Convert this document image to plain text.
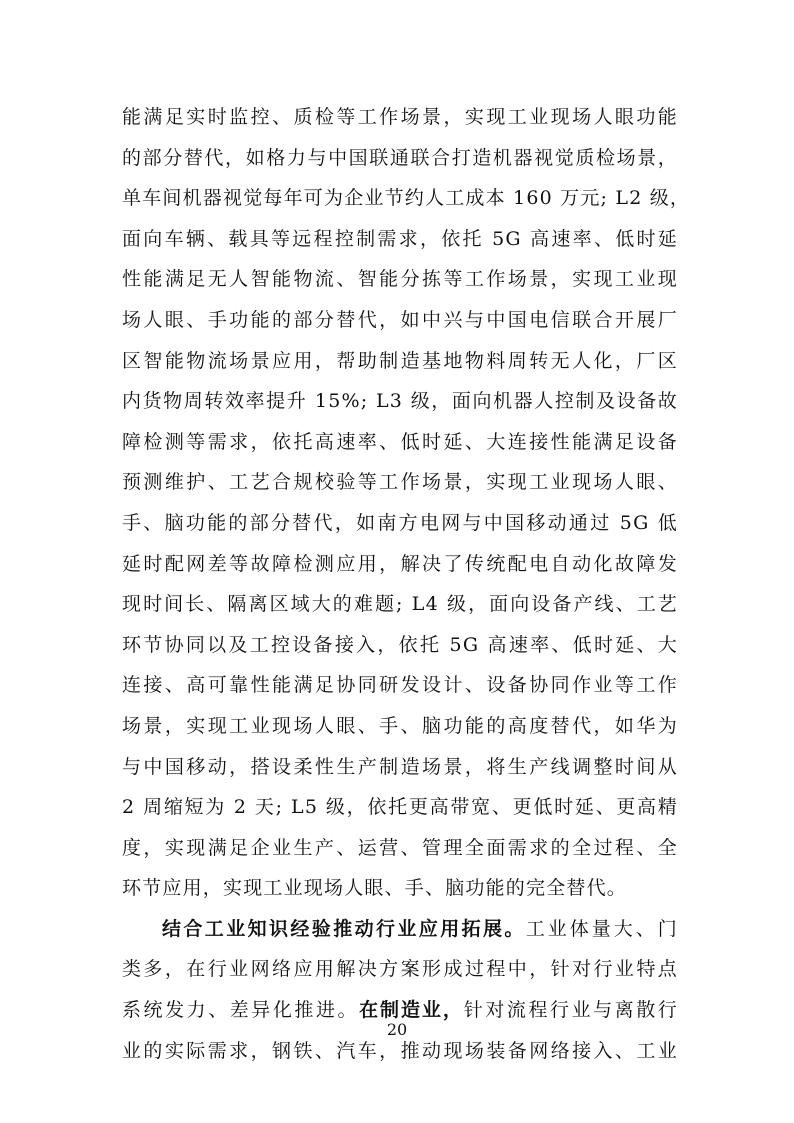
能满足实时监控、质检等工作场景，实现工业现场人眼功能
的部分替代，如格力与中国联通联合打造机器视觉质检场景，
单车间机器视觉每年可为企业节约人工成本 160 万元; L2 级，
面向车辆、载具等远程控制需求，依托 5G 高速率、低时延
性能满足无人智能物流、智能分拣等工作场景，实现工业现
场人眼、手功能的部分替代，如中兴与中国电信联合开展厂
区智能物流场景应用，帮助制造基地物料周转无人化，厂区
内货物周转效率提升 15%; L3 级，面向机器人控制及设备故
障检测等需求，依托高速率、低时延、大连接性能满足设备
预测维护、工艺合规校验等工作场景，实现工业现场人眼、
手、脑功能的部分替代，如南方电网与中国移动通过 5G 低
延时配网差等故障检测应用，解决了传统配电自动化故障发
现时间长、隔离区域大的难题; L4 级，面向设备产线、工艺
环节协同以及工控设备接入，依托 5G 高速率、低时延、大
连接、高可靠性能满足协同研发设计、设备协同作业等工作
场景，实现工业现场人眼、手、脑功能的高度替代，如华为
与中国移动，搭设柔性生产制造场景，将生产线调整时间从
2 周缩短为 2 天; L5 级，依托更高带宽、更低时延、更高精
度，实现满足企业生产、运营、管理全面需求的全过程、全
环节应用，实现工业现场人眼、手、脑功能的完全替代。
结合工业知识经验推动行业应用拓展。工业体量大、门
类多，在行业网络应用解决方案形成过程中，针对行业特点
系统发力、差异化推进。在制造业，针对流程行业与离散行
业的实际需求，钢铁、汽车，推动现场装备网络接入、工业
20
